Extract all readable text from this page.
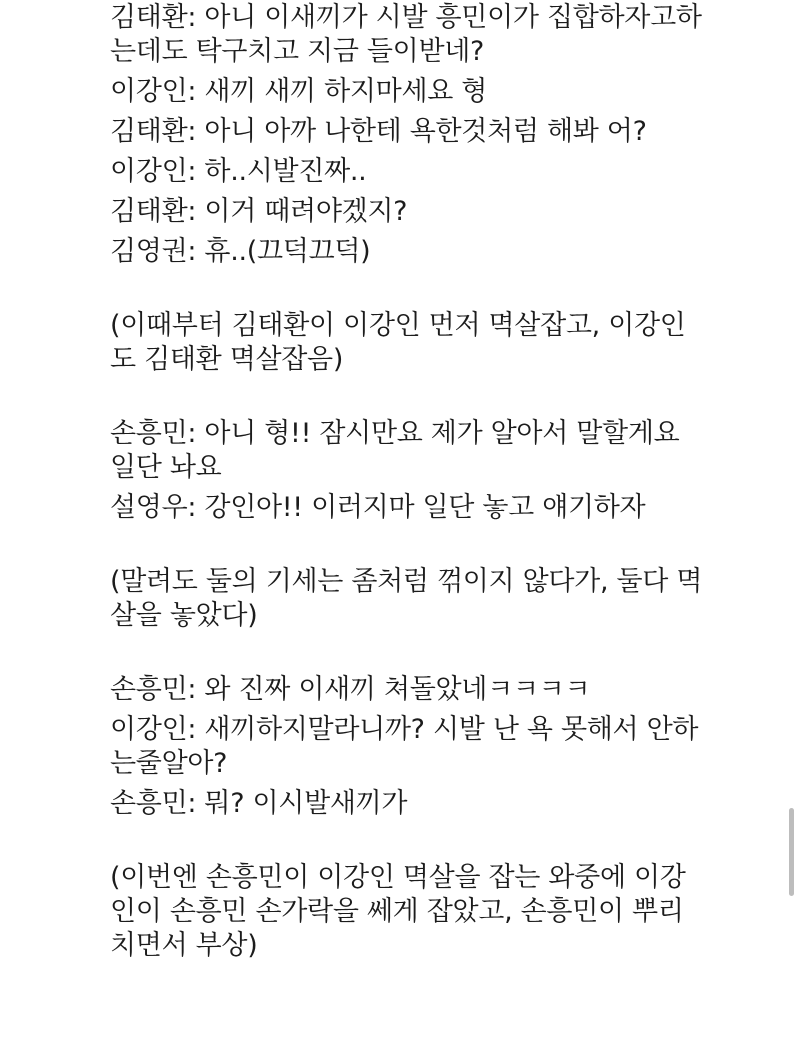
김태환: 아니 이새끼가 시발 흥민이가 집합하자고하
는데도 탁구치고 지금 들이받네?
이강인: 새끼 새끼 하지마세요 형
김태환: 아니 아까 나한테 욕한것처럼 해봐 어?
이강인: 하..시발진짜..
김태환: 이거 때려야겠지?
김영권: 휴..(끄덕끄덕)
(이때부터 김태환이 이강인 먼저 멱살잡고, 이강인
도 김태환 멱살잡음)
손흥민: 아니 형!! 잠시만요 제가 알아서 말할게요
일단 놔요
설영우: 강인아!! 이러지마 일단 놓고 얘기하자
(말려도 둘의 기세는 좀처럼 꺾이지 않다가, 둘다 멱
살을 놓았다)
손흥민: 와 진짜 이새끼 쳐돌았네ㅋㅋㅋㅋ
이강인: 새끼하지말라니까? 시발 난 욕 못해서 안하
는줄알아?
손흥민: 뭐? 이시발새끼가
(이번엔 손흥민이 이강인 멱살을 잡는 와중에 이강
인이 손흥민 손가락을 쎄게 잡았고, 손흥민이 뿌리
치면서 부상)
